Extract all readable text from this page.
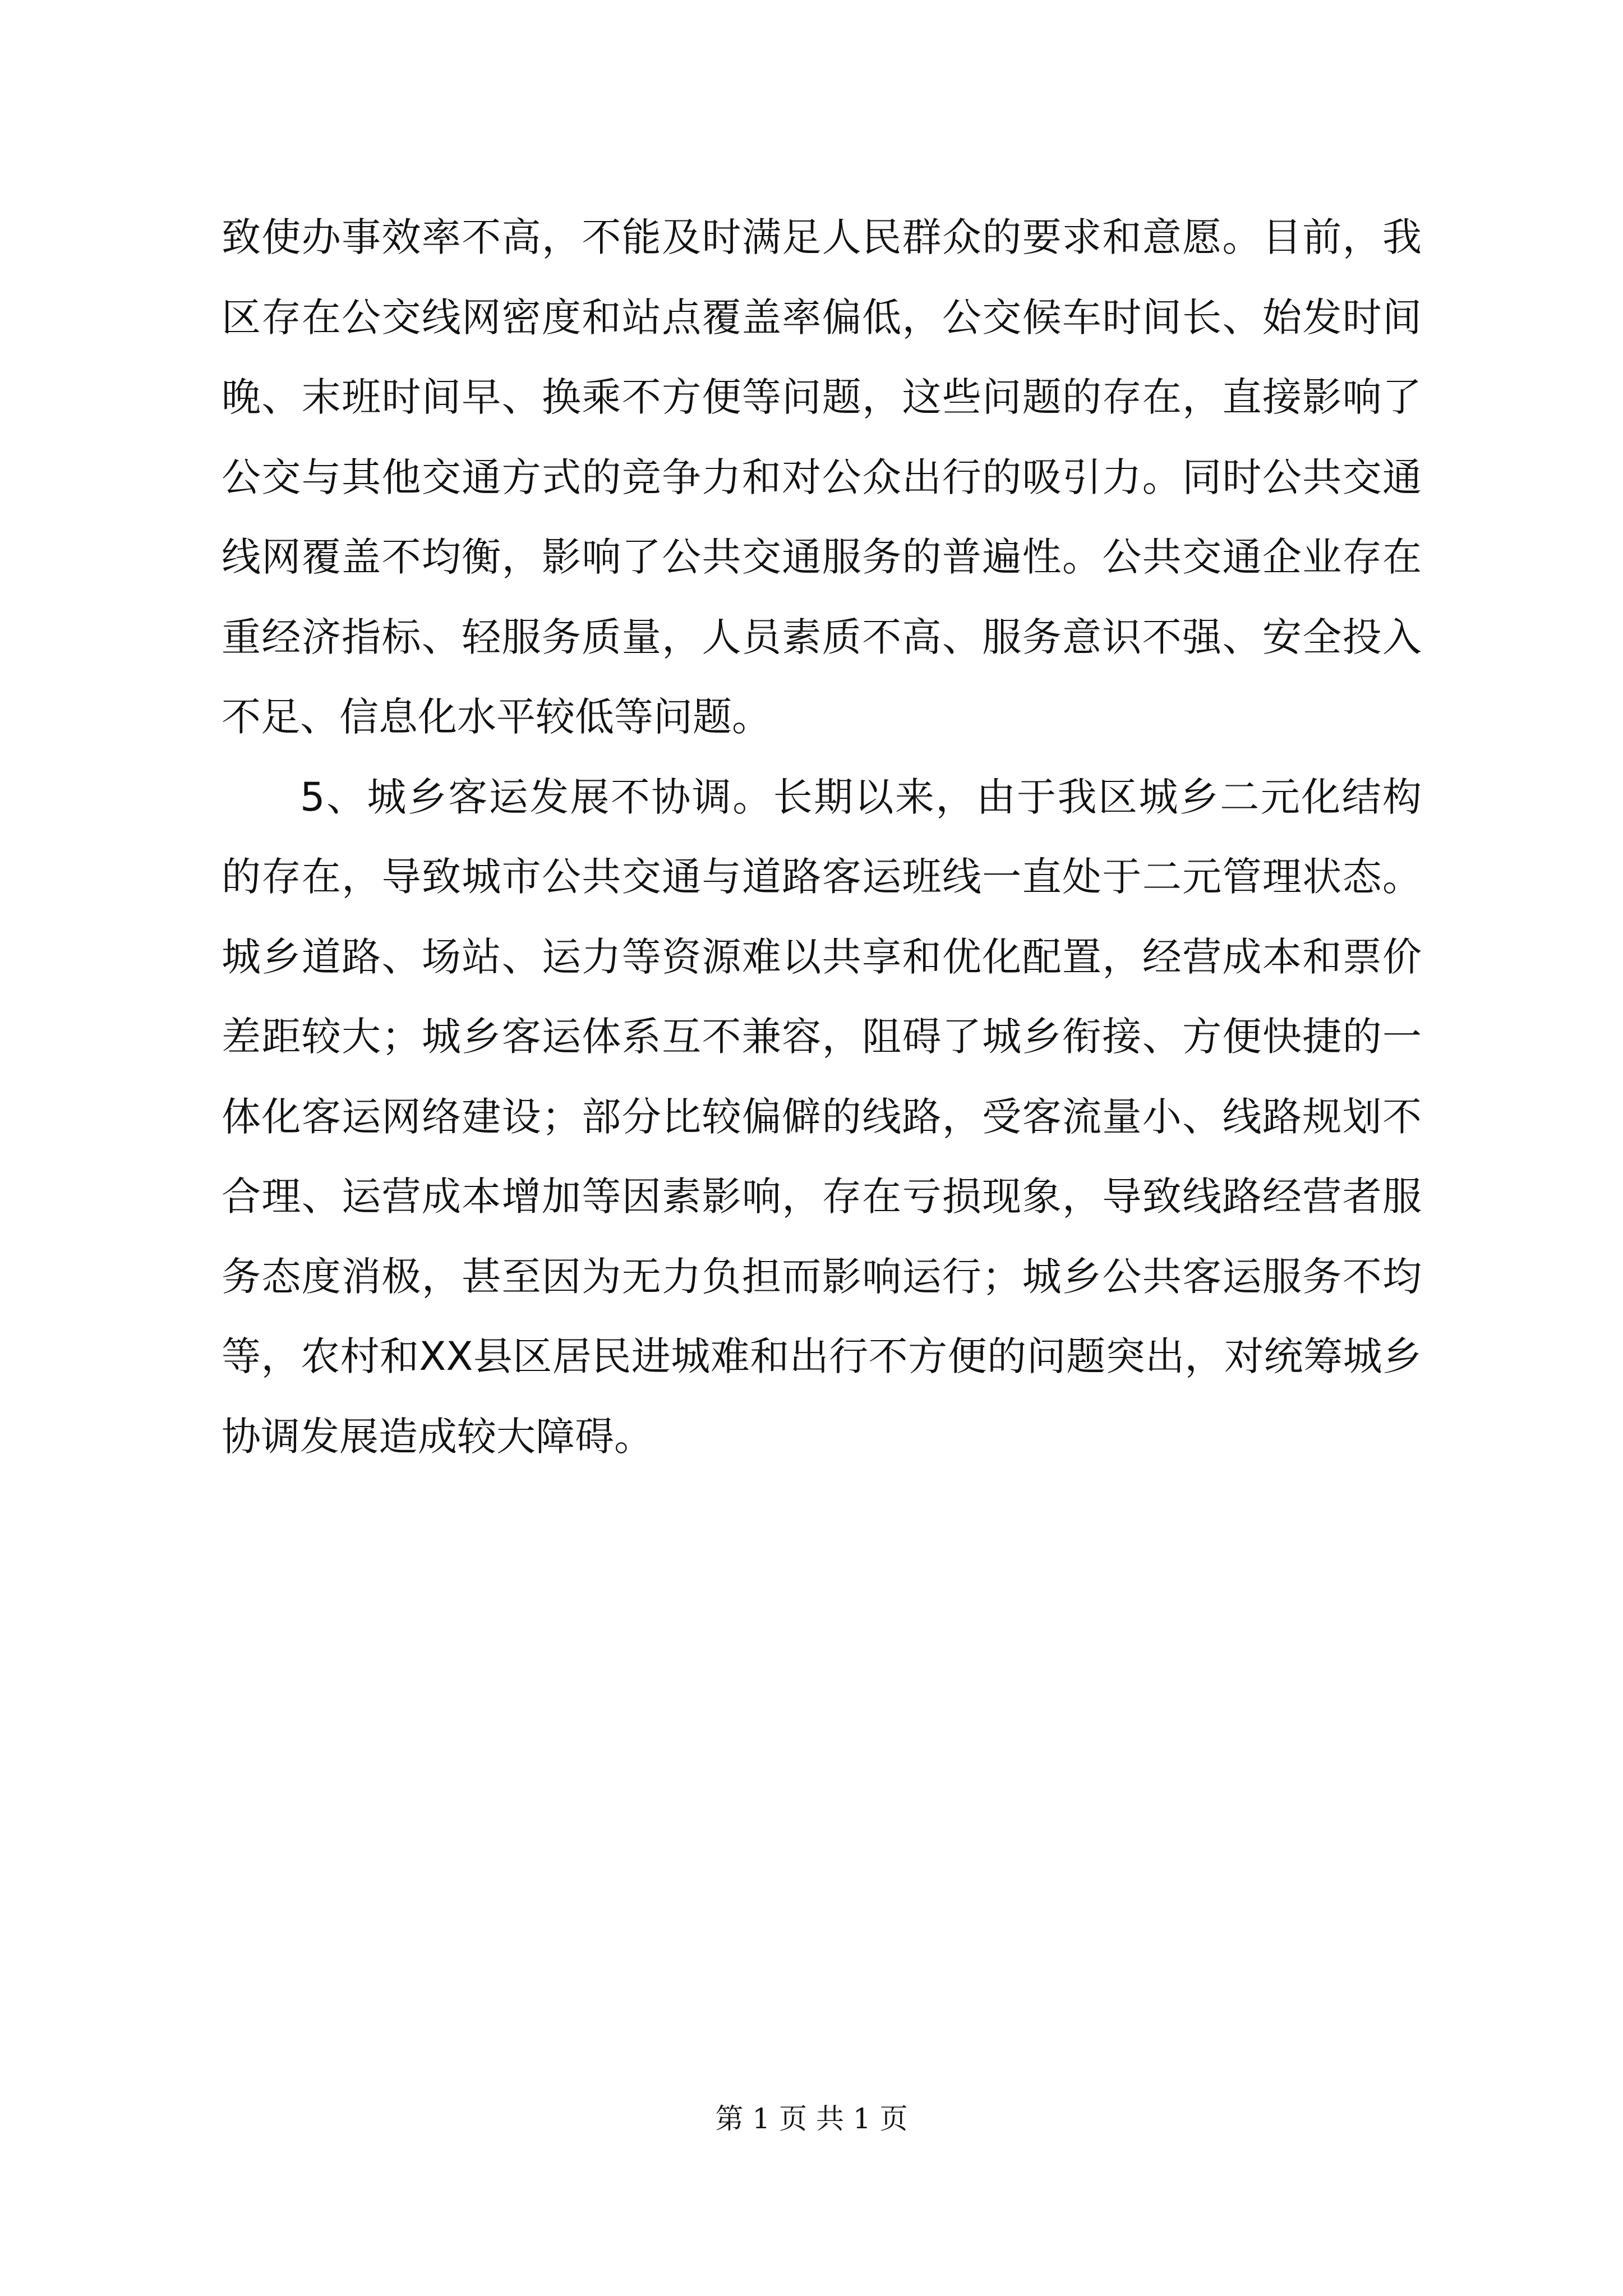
致使办事效率不高，不能及时满足人民群众的要求和意愿。目前，我区存在公交线网密度和站点覆盖率偏低，公交候车时间长、始发时间晚、末班时间早、换乘不方便等问题，这些问题的存在，直接影响了公交与其他交通方式的竞争力和对公众出行的吸引力。同时公共交通线网覆盖不均衡，影响了公共交通服务的普遍性。公共交通企业存在重经济指标、轻服务质量，人员素质不高、服务意识不强、安全投入不足、信息化水平较低等问题。

5、城乡客运发展不协调。长期以来，由于我区城乡二元化结构的存在，导致城市公共交通与道路客运班线一直处于二元管理状态。城乡道路、场站、运力等资源难以共享和优化配置，经营成本和票价差距较大；城乡客运体系互不兼容，阻碍了城乡衔接、方便快捷的一体化客运网络建设；部分比较偏僻的线路，受客流量小、线路规划不合理、运营成本增加等因素影响，存在亏损现象，导致线路经营者服务态度消极，甚至因为无力负担而影响运行；城乡公共客运服务不均等，农村和XX县区居民进城难和出行不方便的问题突出，对统筹城乡协调发展造成较大障碍。

第 1 页 共 1 页
